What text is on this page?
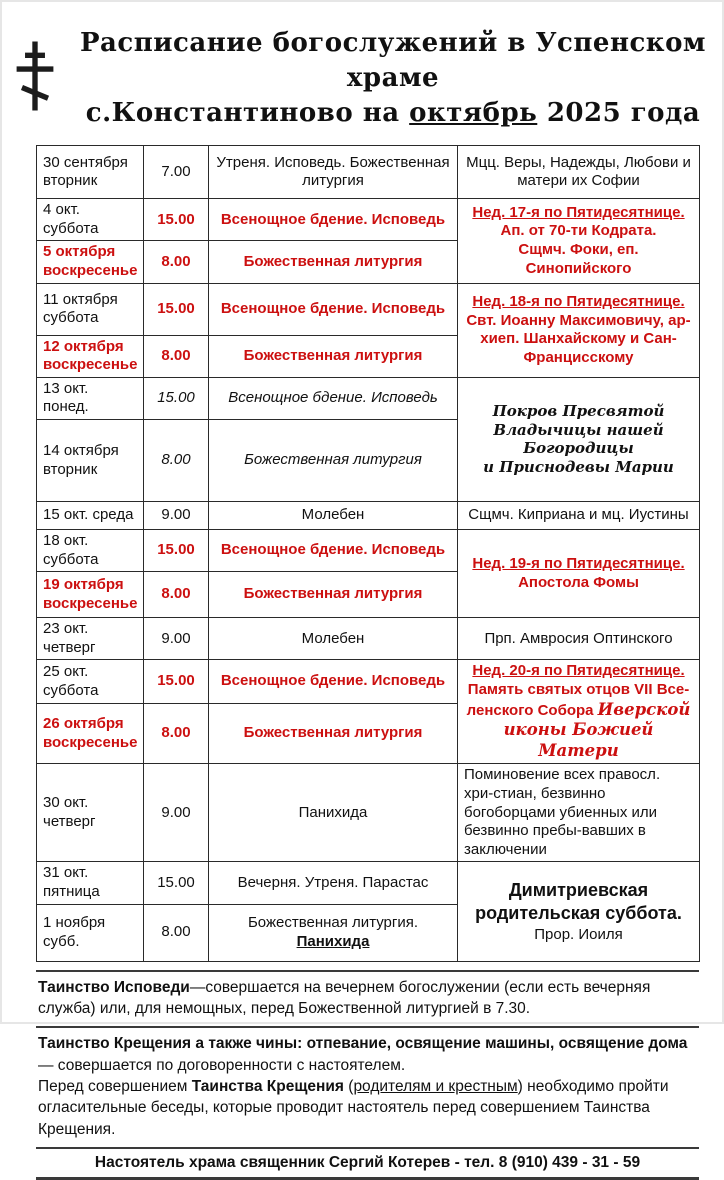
Расписание богослужений в Успенском храме
с.Константиново на октябрь 2025 года
30 сентября вторник	7.00	Утреня. Исповедь. Божественная литургия	Мцц. Веры, Надежды, Любови и матери их Софии
4 окт. суббота	15.00	Всенощное бдение. Исповедь	Нед. 17-я по Пятидесятнице.
Ап. от 70-ти Кодрата.
Сщмч. Фоки, еп. Синопийского
5 октября воскресенье	8.00	Божественная литургия	
11 октября суббота	15.00	Всенощное бдение. Исповедь	Нед. 18-я по Пятидесятнице.
Свт. Иоанну Максимовичу, ар-хиеп. Шанхайскому и Сан-Францисскому
12 октября воскресенье	8.00	Божественная литургия	
13 окт. понед.	15.00	Всенощное бдение. Исповедь	Покров Пресвятой
Владычицы нашей
Богородицы
и Приснодевы Марии
14 октября вторник	8.00	Божественная литургия	
15 окт. среда	9.00	Молебен	Сщмч. Киприана и мц. Иустины
18 окт. суббота	15.00	Всенощное бдение. Исповедь	Нед. 19-я по Пятидесятнице.
Апостола Фомы
19 октября воскресенье	8.00	Божественная литургия	
23 окт. четверг	9.00	Молебен	Прп. Амвросия Оптинского
25 окт. суббота	15.00	Всенощное бдение. Исповедь	Нед. 20-я по Пятидесятнице.
Память святых отцов VII Все-ленского Собора Иверской иконы Божией Матери
26 октября воскресенье	8.00	Божественная литургия	
30 окт. четверг	9.00	Панихида	Поминовение всех правосл. хри-стиан, безвинно богоборцами убиенных или безвинно пребы-вавших в заключении
31 окт. пятница	15.00	Вечерня. Утреня. Парастас	Димитриевская
родительская суббота.
Прор. Иоиля

1 ноября субб.	8.00	Божественная литургия. Панихида	
Таинство Исповеди—совершается на вечернем богослужении (если есть вечерняя служба) или, для немощных, перед Божественной литургией в 7.30.
Таинство Крещения а также чины: отпевание, освящение машины, освящение дома — совершается по договоренности с настоятелем.
Перед совершением Таинства Крещения (родителям и крестным) необходимо пройти огласительные беседы, которые проводит настоятель перед совершением Таинства Крещения.
Настоятель храма священник Сергий Котерев - тел. 8 (910) 439 - 31 - 59
